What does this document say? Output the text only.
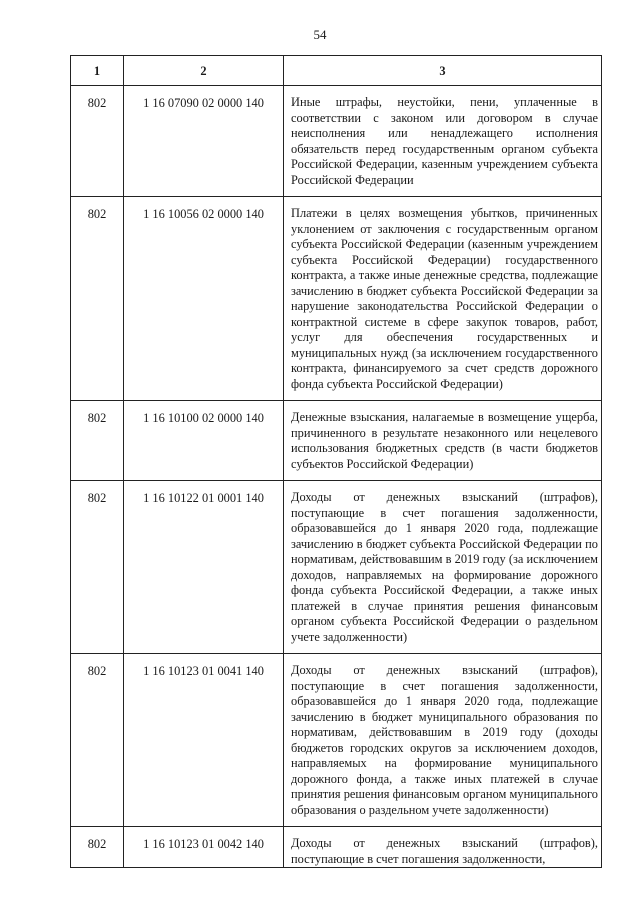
54
1	2	3
802	1 16 07090 02 0000 140	Иные штрафы, неустойки, пени, уплаченные в соответствии с законом или договором в случае неисполнения или ненадлежащего исполнения обязательств перед государственным органом субъекта Российской Федерации, казенным учреждением субъекта Российской Федерации
802	1 16 10056 02 0000 140	Платежи в целях возмещения убытков, причиненных уклонением от заключения с государственным органом субъекта Российской Федерации (казенным учреждением субъекта Российской Федерации) государственного контракта, а также иные денежные средства, подлежащие зачислению в бюджет субъекта Российской Федерации за нарушение законодательства Российской Федерации о контрактной системе в сфере закупок товаров, работ, услуг для обеспечения государственных и муниципальных нужд (за исключением государственного контракта, финансируемого за счет средств дорожного фонда субъекта Российской Федерации)
802	1 16 10100 02 0000 140	Денежные взыскания, налагаемые в возмещение ущерба, причиненного в результате незаконного или нецелевого использования бюджетных средств (в части бюджетов субъектов Российской Федерации)
802	1 16 10122 01 0001 140	Доходы от денежных взысканий (штрафов), поступающие в счет погашения задолженности, образовавшейся до 1 января 2020 года, подлежащие зачислению в бюджет субъекта Российской Федерации по нормативам, действовавшим в 2019 году (за исключением доходов, направляемых на формирование дорожного фонда субъекта Российской Федерации, а также иных платежей в случае принятия решения финансовым органом субъекта Российской Федерации о раздельном учете задолженности)
802	1 16 10123 01 0041 140	Доходы от денежных взысканий (штрафов), поступающие в счет погашения задолженности, образовавшейся до 1 января 2020 года, подлежащие зачислению в бюджет муниципального образования по нормативам, действовавшим в 2019 году (доходы бюджетов городских округов за исключением доходов, направляемых на формирование муниципального дорожного фонда, а также иных платежей в случае принятия решения финансовым органом муниципального образования о раздельном учете задолженности)
802	1 16 10123 01 0042 140	Доходы от денежных взысканий (штрафов), поступающие в счет погашения задолженности,
